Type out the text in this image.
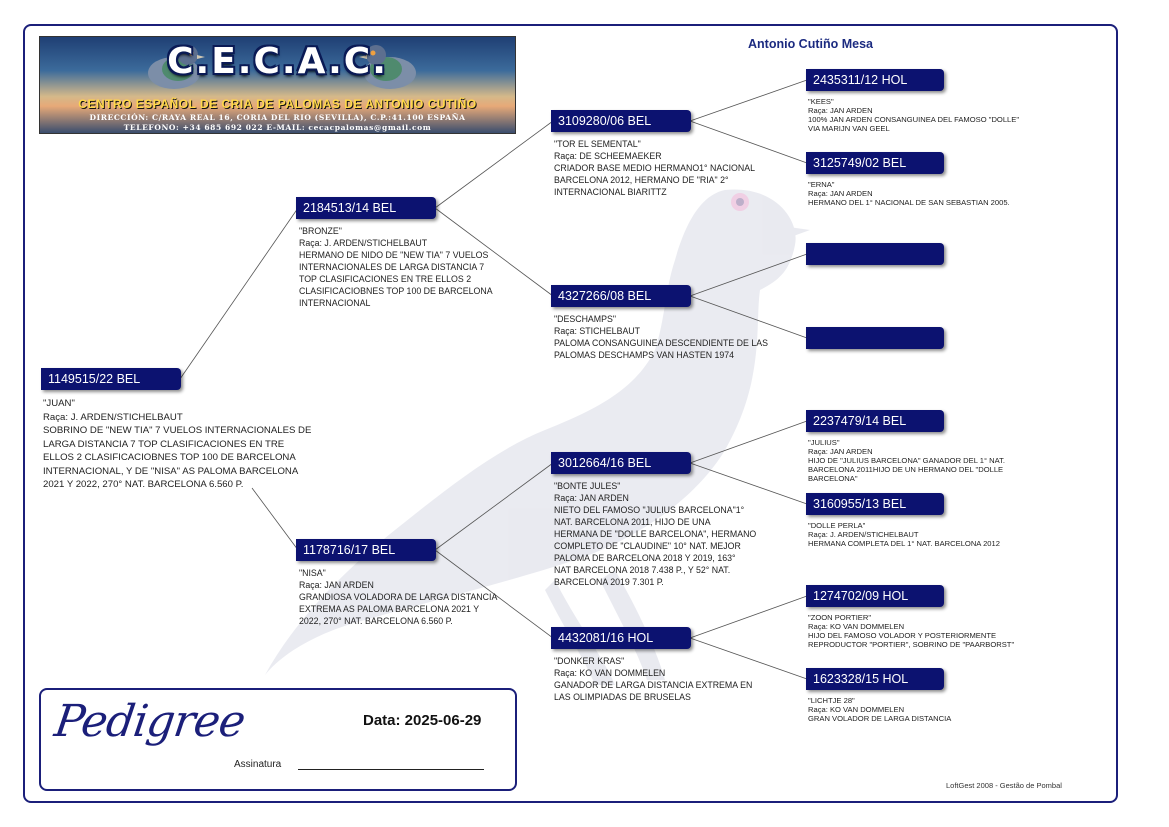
Antonio Cutiño Mesa
C.E.C.A.C.
CENTRO ESPAÑOL DE CRIA DE PALOMAS DE ANTONIO CUTIÑO
DIRECCIÓN: C/RAYA REAL 16, CORIA DEL RIO (SEVILLA), C.P.:41.100 ESPAÑA
TELEFONO: +34 685 692 022 E-MAIL: cecacpalomas@gmail.com
1149515/22 BEL
"JUAN"
Raça: J. ARDEN/STICHELBAUT
SOBRINO DE "NEW TIA" 7 VUELOS INTERNACIONALES DE
LARGA DISTANCIA 7 TOP CLASIFICACIONES EN TRE
ELLOS 2 CLASIFICACIOBNES TOP 100 DE BARCELONA
INTERNACIONAL, Y DE "NISA" AS PALOMA BARCELONA
2021 Y 2022, 270° NAT. BARCELONA 6.560 P.
2184513/14 BEL
"BRONZE"
Raça: J. ARDEN/STICHELBAUT
HERMANO DE NIDO DE "NEW TIA" 7 VUELOS
INTERNACIONALES DE LARGA DISTANCIA 7
TOP CLASIFICACIONES EN TRE ELLOS 2
CLASIFICACIOBNES TOP 100 DE BARCELONA
INTERNACIONAL
1178716/17 BEL
"NISA"
Raça: JAN ARDEN
GRANDIOSA VOLADORA DE LARGA DISTANCIA
EXTREMA AS PALOMA BARCELONA 2021 Y
2022, 270° NAT. BARCELONA 6.560 P.
3109280/06 BEL
"TOR EL SEMENTAL"
Raça: DE SCHEEMAEKER
CRIADOR BASE MEDIO HERMANO1° NACIONAL
BARCELONA 2012, HERMANO DE "RIA" 2°
INTERNACIONAL BIARITTZ
4327266/08 BEL
"DESCHAMPS"
Raça: STICHELBAUT
PALOMA CONSANGUINEA DESCENDIENTE DE LAS
PALOMAS DESCHAMPS VAN HASTEN 1974
3012664/16 BEL
"BONTE JULES"
Raça: JAN ARDEN
NIETO DEL FAMOSO "JULIUS BARCELONA"1°
NAT. BARCELONA 2011, HIJO DE UNA
HERMANA DE "DOLLE BARCELONA", HERMANO
COMPLETO DE "CLAUDINE" 10° NAT. MEJOR
PALOMA DE BARCELONA 2018 Y 2019, 163°
NAT BARCELONA 2018 7.438 P., Y 52° NAT.
BARCELONA 2019 7.301 P.
4432081/16 HOL
"DONKER KRAS"
Raça: KO VAN DOMMELEN
GANADOR DE LARGA DISTANCIA EXTREMA EN
LAS OLIMPIADAS DE BRUSELAS
2435311/12 HOL
"KEES"
Raça: JAN ARDEN
100% JAN ARDEN CONSANGUINEA DEL FAMOSO "DOLLE"
VIA MARIJN VAN GEEL
3125749/02 BEL
"ERNA"
Raça: JAN ARDEN
HERMANO DEL 1° NACIONAL DE SAN SEBASTIAN 2005.
2237479/14 BEL
"JULIUS"
Raça: JAN ARDEN
HIJO DE "JULIUS BARCELONA" GANADOR DEL 1° NAT.
BARCELONA 2011HIJO DE UN HERMANO DEL "DOLLE
BARCELONA"
3160955/13 BEL
"DOLLE PERLA"
Raça: J. ARDEN/STICHELBAUT
HERMANA COMPLETA DEL 1° NAT. BARCELONA 2012
1274702/09 HOL
"ZOON PORTIER"
Raça: KO VAN DOMMELEN
HIJO DEL FAMOSO VOLADOR Y POSTERIORMENTE
REPRODUCTOR "PORTIER", SOBRINO DE "PAARBORST"
1623328/15 HOL
"LICHTJE 28"
Raça: KO VAN DOMMELEN
GRAN VOLADOR DE LARGA DISTANCIA
Pedigree	Data: 2025-06-29
Assinatura
LoftGest 2008 - Gestão de Pombal
